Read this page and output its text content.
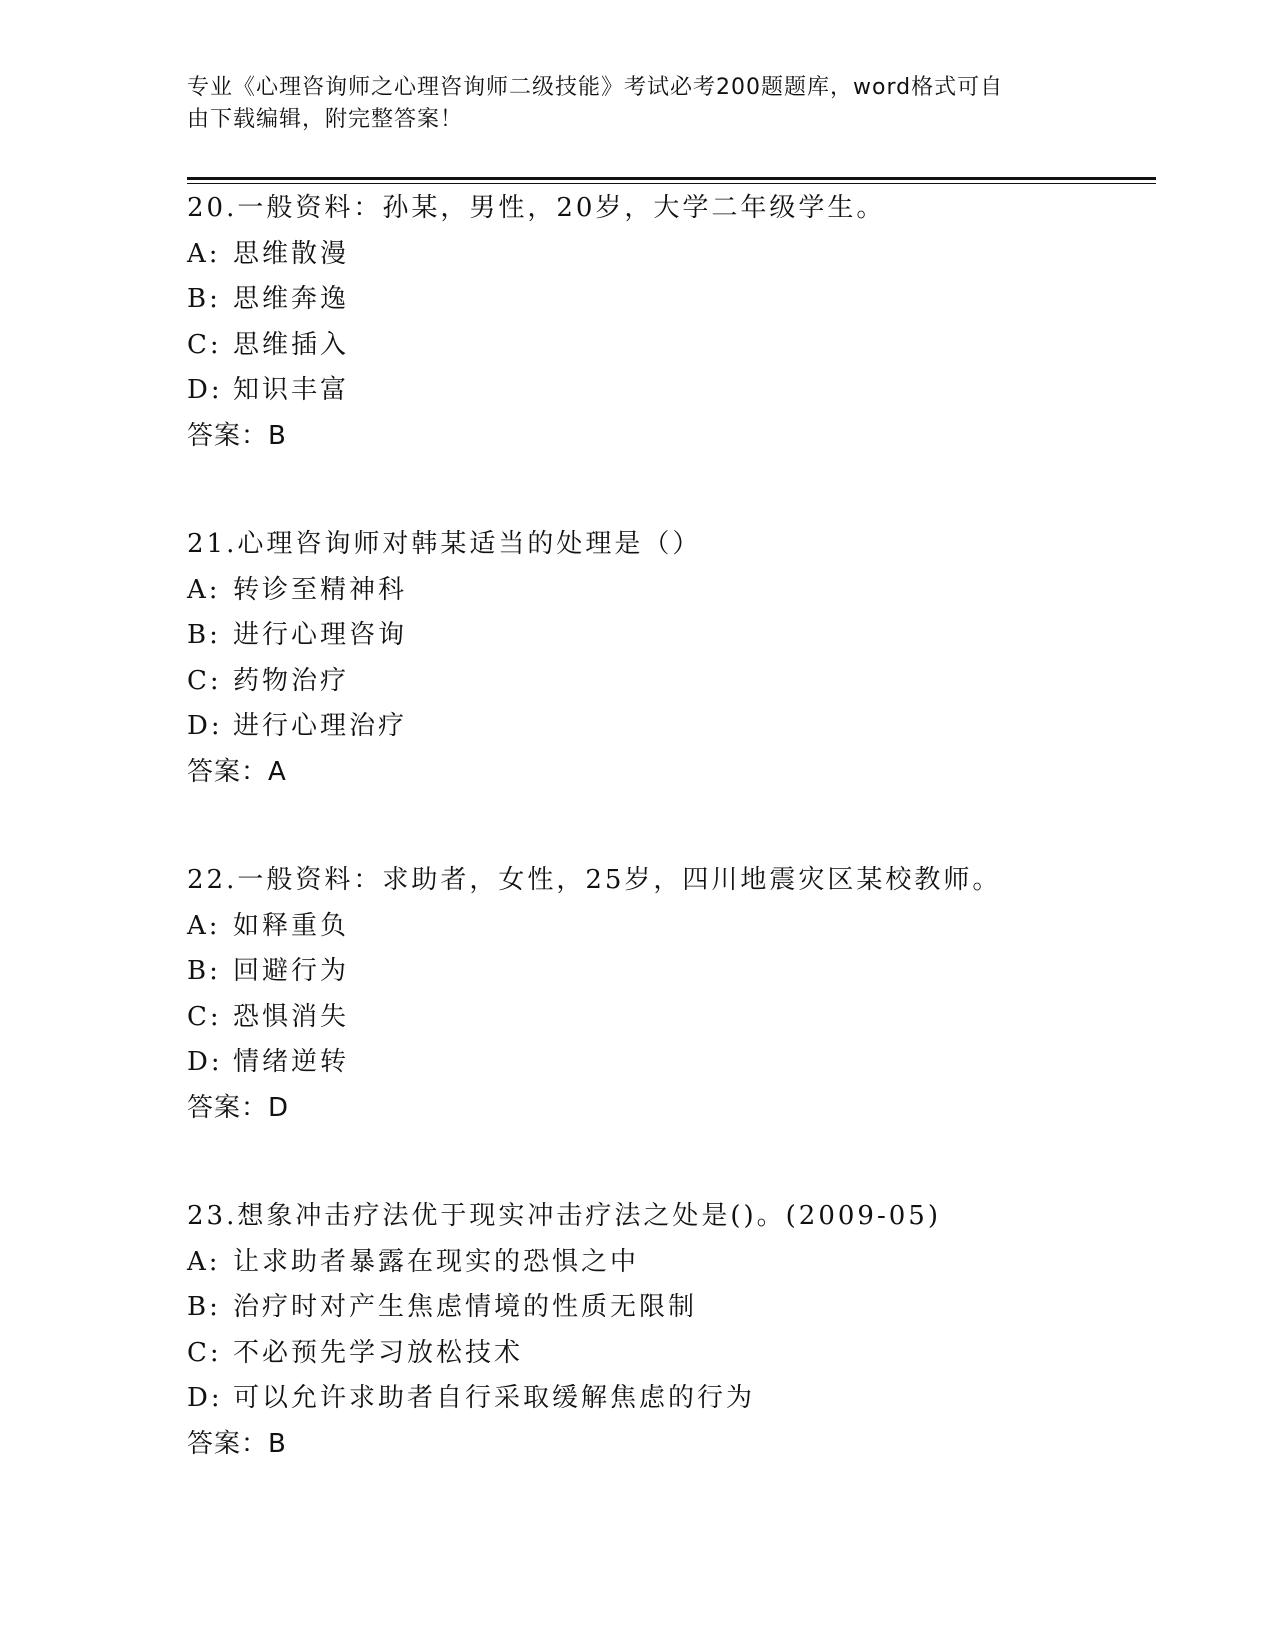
专业《心理咨询师之心理咨询师二级技能》考试必考200题题库，word格式可自
由下载编辑，附完整答案！
20.一般资料：孙某，男性，20岁，大学二年级学生。
A: 思维散漫
B: 思维奔逸
C: 思维插入
D: 知识丰富
答案：B
21.心理咨询师对韩某适当的处理是（）
A: 转诊至精神科
B: 进行心理咨询
C: 药物治疗
D: 进行心理治疗
答案：A
22.一般资料：求助者，女性，25岁，四川地震灾区某校教师。
A: 如释重负
B: 回避行为
C: 恐惧消失
D: 情绪逆转
答案：D
23.想象冲击疗法优于现实冲击疗法之处是()。(2009-05)
A: 让求助者暴露在现实的恐惧之中
B: 治疗时对产生焦虑情境的性质无限制
C: 不必预先学习放松技术
D: 可以允许求助者自行采取缓解焦虑的行为
答案：B
